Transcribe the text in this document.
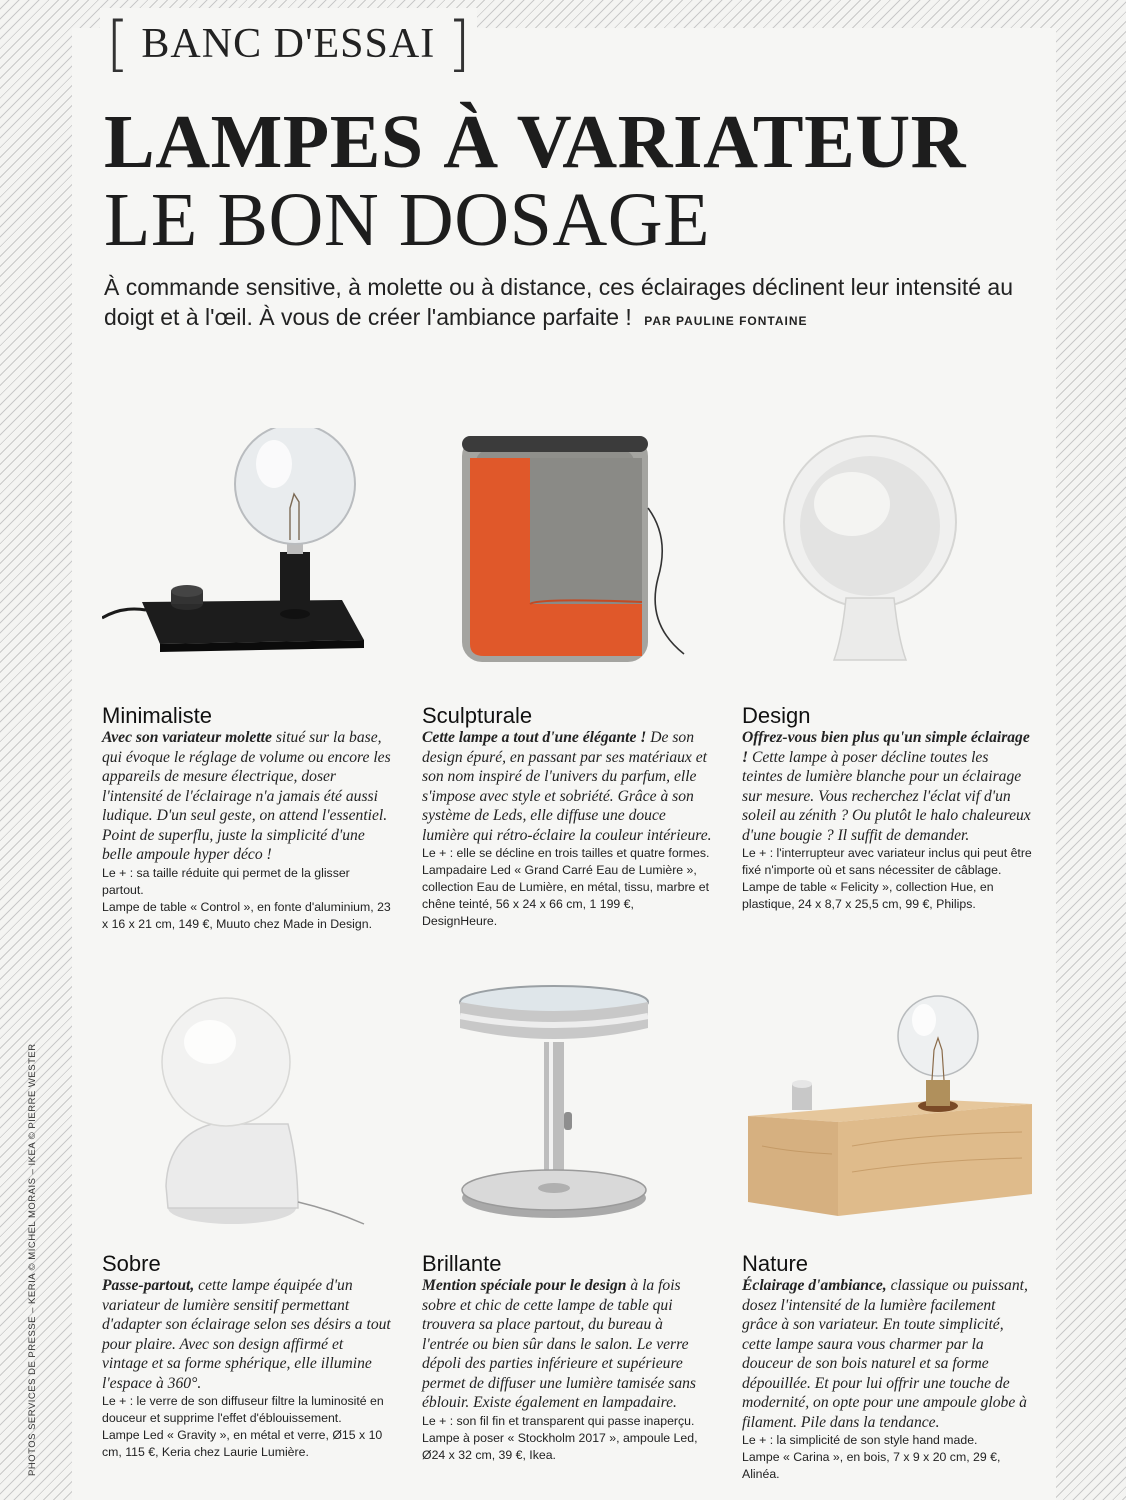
[ BANC D'ESSAI ]
LAMPES À VARIATEUR
LE BON DOSAGE
À commande sensitive, à molette ou à distance, ces éclairages déclinent leur intensité au doigt et à l'œil. À vous de créer l'ambiance parfaite ! PAR PAULINE FONTAINE
Minimaliste

Avec son variateur molette situé sur la base, qui évoque le réglage de volume ou encore les appareils de mesure électrique, doser l'intensité de l'éclairage n'a jamais été aussi ludique. D'un seul geste, on attend l'essentiel. Point de superflu, juste la simplicité d'une belle ampoule hyper déco !

Le + : sa taille réduite qui permet de la glisser partout.

Lampe de table « Control », en fonte d'aluminium, 23 x 16 x 21 cm, 149 €, Muuto chez Made in Design.

Sculpturale

Cette lampe a tout d'une élégante ! De son design épuré, en passant par ses matériaux et son nom inspiré de l'univers du parfum, elle s'impose avec style et sobriété. Grâce à son système de Leds, elle diffuse une douce lumière qui rétro-éclaire la couleur intérieure.

Le + : elle se décline en trois tailles et quatre formes.

Lampadaire Led « Grand Carré Eau de Lumière », collection Eau de Lumière, en métal, tissu, marbre et chêne teinté, 56 x 24 x 66 cm, 1 199 €, DesignHeure.

Design

Offrez-vous bien plus qu'un simple éclairage ! Cette lampe à poser décline toutes les teintes de lumière blanche pour un éclairage sur mesure. Vous recherchez l'éclat vif d'un soleil au zénith ? Ou plutôt le halo chaleureux d'une bougie ? Il suffit de demander.

Le + : l'interrupteur avec variateur inclus qui peut être fixé n'importe où et sans nécessiter de câblage.

Lampe de table « Felicity », collection Hue, en plastique, 24 x 8,7 x 25,5 cm, 99 €, Philips.

Sobre

Passe-partout, cette lampe équipée d'un variateur de lumière sensitif permettant d'adapter son éclairage selon ses désirs a tout pour plaire. Avec son design affirmé et vintage et sa forme sphérique, elle illumine l'espace à 360°.

Le + : le verre de son diffuseur filtre la luminosité en douceur et supprime l'effet d'éblouissement.

Lampe Led « Gravity », en métal et verre, Ø15 x 10 cm, 115 €, Keria chez Laurie Lumière.

Brillante

Mention spéciale pour le design à la fois sobre et chic de cette lampe de table qui trouvera sa place partout, du bureau à l'entrée ou bien sûr dans le salon. Le verre dépoli des parties inférieure et supérieure permet de diffuser une lumière tamisée sans éblouir. Existe également en lampadaire.

Le + : son fil fin et transparent qui passe inaperçu.

Lampe à poser « Stockholm 2017 », ampoule Led, Ø24 x 32 cm, 39 €, Ikea.

Nature

Éclairage d'ambiance, classique ou puissant, dosez l'intensité de la lumière facilement grâce à son variateur. En toute simplicité, cette lampe saura vous charmer par la douceur de son bois naturel et sa forme dépouillée. Et pour lui offrir une touche de modernité, on opte pour une ampoule globe à filament. Pile dans la tendance.

Le + : la simplicité de son style hand made.

Lampe « Carina », en bois, 7 x 9 x 20 cm, 29 €, Alinéa.

PHOTOS SERVICES DE PRESSE – KERIA © MICHEL MORAIS – IKEA © PIERRE WESTER
